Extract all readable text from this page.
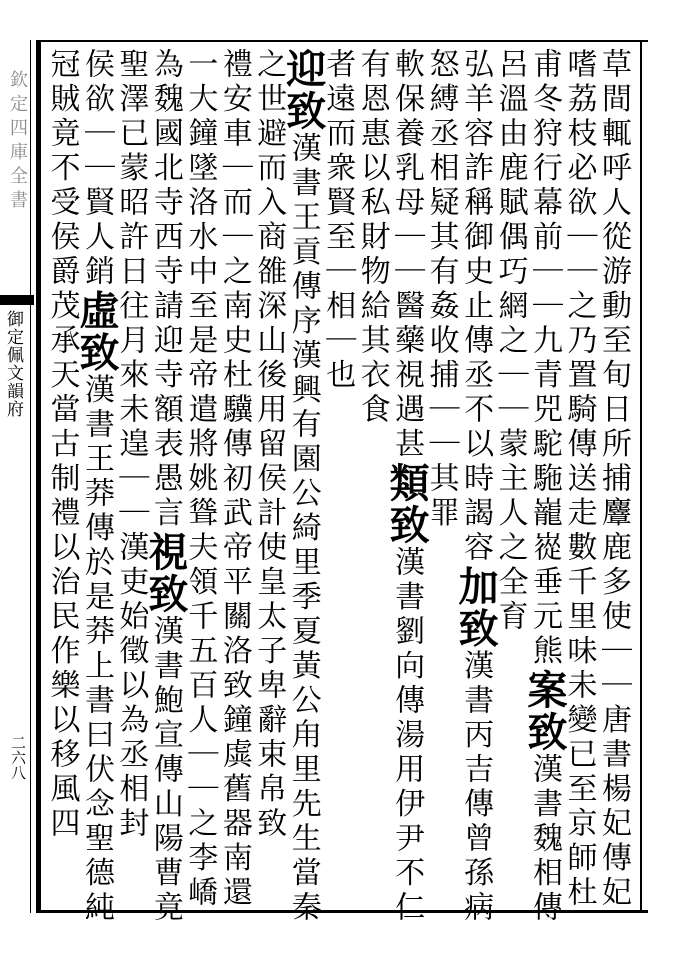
欽定四庫全書
御定佩文韻府
二六八	草間輒呼人從游動至旬日所捕麞鹿多使｜｜唐書楊妃傳妃
嗜荔枝必欲｜｜之乃置騎傳送走數千里味未變已至京師杜
甫冬狩行幕前｜｜九青兕駝駞巃嵸垂元熊案致漢書魏相傳
呂溫由鹿賦偶巧網之｜｜蒙主人之全育
弘羊容詐稱御史止傳丞不以時謁容加致漢書丙吉傳曾孫病
怒縛丞相疑其有姦收捕｜｜其罪
軟保養乳母｜｜醫藥視遇甚類致漢書劉向傳湯用伊尹不仁
有恩惠以私財物給其衣食
者遠而衆賢至｜相｜也
迎致漢書王貢傳序漢興有園公綺里季夏黃公甪里先生當秦
之世避而入商雒深山後用留侯計使皇太子卑辭束帛致
禮安車｜而｜之南史杜驥傳初武帝平關洛致鐘虡舊器南還
一大鐘墜洛水中至是帝遣將姚聳夫領千五百人｜｜之李嶠
為魏國北寺西寺請迎寺額表愚言視致漢書鮑宣傳山陽曹竟
聖澤已蒙昭許日往月來未遑｜｜漢吏始徵以為丞相封
侯欲｜｜賢人銷虛致漢書王莽傳於是莽上書曰伏念聖德純
冠賊竟不受侯爵茂承天當古制禮以治民作樂以移風四
